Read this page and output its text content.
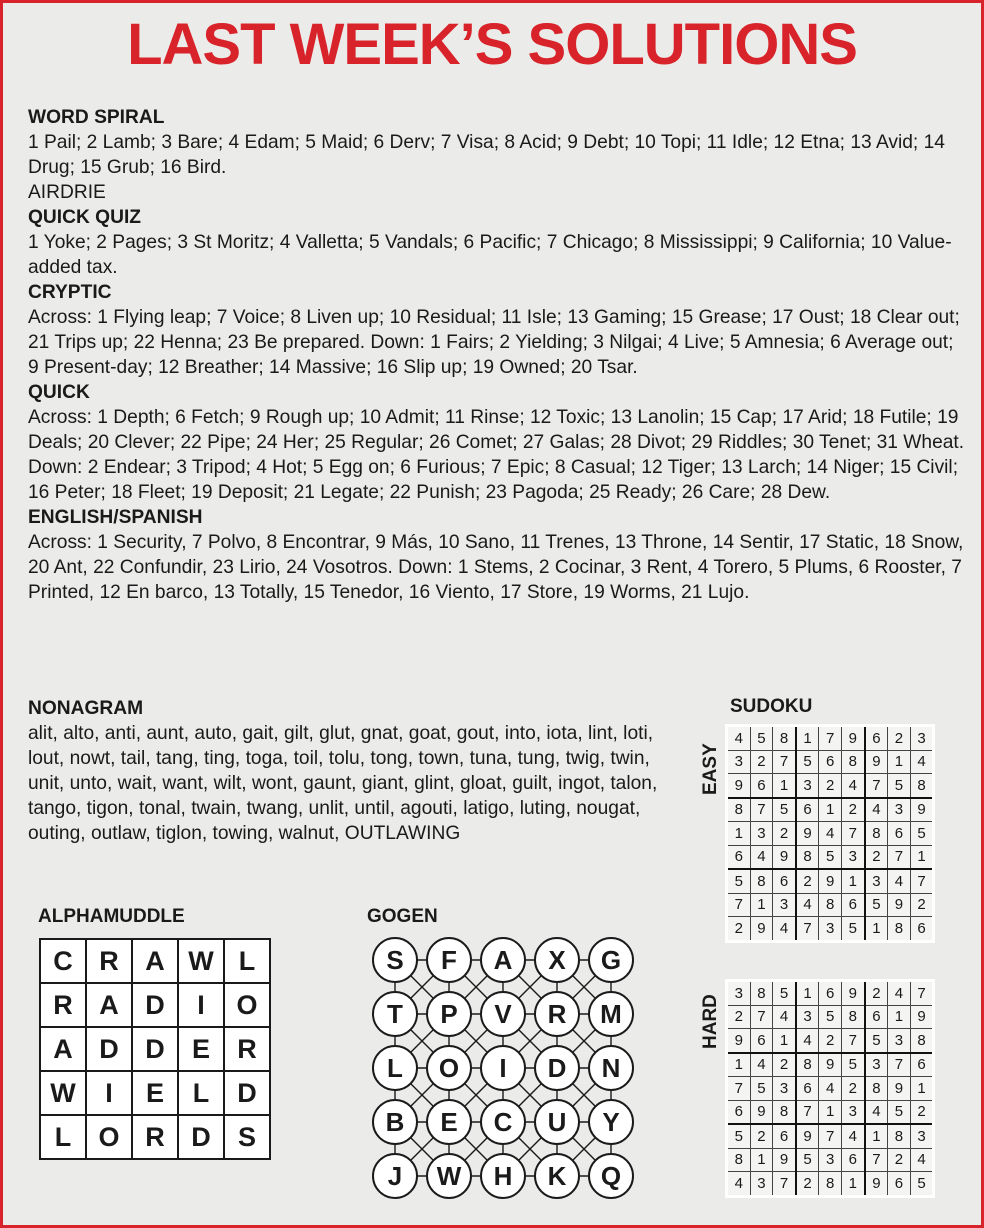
LAST WEEK’S SOLUTIONS
WORD SPIRAL
1 Pail; 2 Lamb; 3 Bare; 4 Edam; 5 Maid; 6 Derv; 7 Visa; 8 Acid; 9 Debt; 10 Topi; 11 Idle; 12 Etna; 13 Avid; 14 Drug; 15 Grub; 16 Bird.
AIRDRIE
QUICK QUIZ
1 Yoke; 2 Pages; 3 St Moritz; 4 Valletta; 5 Vandals; 6 Pacific; 7 Chicago; 8 Mississippi; 9 California; 10 Value-added tax.
CRYPTIC
Across: 1 Flying leap; 7 Voice; 8 Liven up; 10 Residual; 11 Isle; 13 Gaming; 15 Grease; 17 Oust; 18 Clear out; 21 Trips up; 22 Henna; 23 Be prepared. Down: 1 Fairs; 2 Yielding; 3 Nilgai; 4 Live; 5 Amnesia; 6 Average out; 9 Present-day; 12 Breather; 14 Massive; 16 Slip up; 19 Owned; 20 Tsar.
QUICK
Across: 1 Depth; 6 Fetch; 9 Rough up; 10 Admit; 11 Rinse; 12 Toxic; 13 Lanolin; 15 Cap; 17 Arid; 18 Futile; 19 Deals; 20 Clever; 22 Pipe; 24 Her; 25 Regular; 26 Comet; 27 Galas; 28 Divot; 29 Riddles; 30 Tenet; 31 Wheat. Down: 2 Endear; 3 Tripod; 4 Hot; 5 Egg on; 6 Furious; 7 Epic; 8 Casual; 12 Tiger; 13 Larch; 14 Niger; 15 Civil; 16 Peter; 18 Fleet; 19 Deposit; 21 Legate; 22 Punish; 23 Pagoda; 25 Ready; 26 Care; 28 Dew.
ENGLISH/SPANISH
Across: 1 Security, 7 Polvo, 8 Encontrar, 9 Más, 10 Sano, 11 Trenes, 13 Throne, 14 Sentir, 17 Static, 18 Snow, 20 Ant, 22 Confundir, 23 Lirio, 24 Vosotros. Down: 1 Stems, 2 Cocinar, 3 Rent, 4 Torero, 5 Plums, 6 Rooster, 7 Printed, 12 En barco, 13 Totally, 15 Tenedor, 16 Viento, 17 Store, 19 Worms, 21 Lujo.
NONAGRAM
alit, alto, anti, aunt, auto, gait, gilt, glut, gnat, goat, gout, into, iota, lint, loti, lout, nowt, tail, tang, ting, toga, toil, tolu, tong, town, tuna, tung, twig, twin, unit, unto, wait, want, wilt, wont, gaunt, giant, glint, gloat, guilt, ingot, talon, tango, tigon, tonal, twain, twang, unlit, until, agouti, latigo, luting, nougat, outing, outlaw, tiglon, towing, walnut, OUTLAWING
ALPHAMUDDLE
C	R	A	W	L
R	A	D	I	O
A	D	D	E	R
W	I	E	L	D
L	O	R	D	S
GOGEN
S	F	A	X	G
T	P	V	R	M
L	O	I	D	N
B	E	C	U	Y
J	W	H	K	Q
SUDOKU
EASY
4	5	8	1	7	9	6	2	3
3	2	7	5	6	8	9	1	4
9	6	1	3	2	4	7	5	8
8	7	5	6	1	2	4	3	9
1	3	2	9	4	7	8	6	5
6	4	9	8	5	3	2	7	1
5	8	6	2	9	1	3	4	7
7	1	3	4	8	6	5	9	2
2	9	4	7	3	5	1	8	6
HARD
3	8	5	1	6	9	2	4	7
2	7	4	3	5	8	6	1	9
9	6	1	4	2	7	5	3	8
1	4	2	8	9	5	3	7	6
7	5	3	6	4	2	8	9	1
6	9	8	7	1	3	4	5	2
5	2	6	9	7	4	1	8	3
8	1	9	5	3	6	7	2	4
4	3	7	2	8	1	9	6	5
